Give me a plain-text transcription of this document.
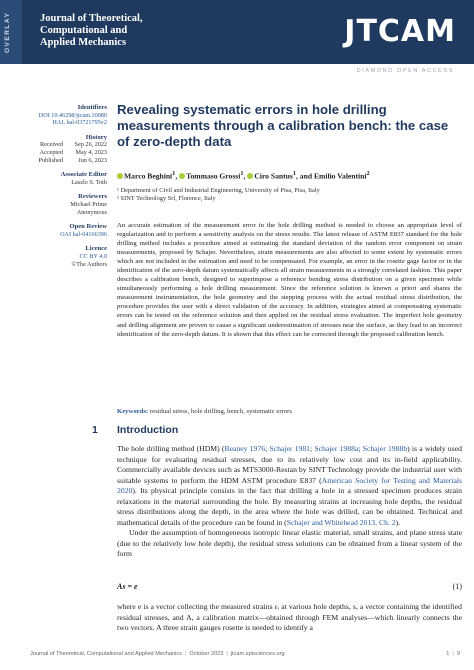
OVERLAY	Journal of Theoretical,
Computational and
Applied Mechanics	JTCAM
DIAMOND OPEN ACCESS
Identifiers
DOI 10.46298/jtcam.10080
HAL hal-03721795v2
History
Received	Sep 26, 2022
Accepted	May 4, 2023
Published	Jun 6, 2023
Associate Editor
Laszlo S. Toth
Reviewers
Michael Prime
Anonymous
Open Review
OAI hal-04166396
Licence
CC BY 4.0
©The Authors
Revealing systematic errors in hole drilling measurements through a calibration bench: the case of zero-depth data
Marco Beghini$^1$, Tommaso Grossi$^1$, Ciro Santus$^1$, and Emilio Valentini$^2$
¹ Department of Civil and Industrial Engineering, University of Pisa, Pisa, Italy
² SINT Technology Srl, Florence, Italy
An accurate estimation of the measurement error in the hole drilling method is needed to choose an appropriate level of regularization and to perform a sensitivity analysis on the stress results. The latest release of ASTM E837 standard for the hole drilling method includes a procedure aimed at estimating the standard deviation of the random error component on strain measurements, proposed by Schajer. Nevertheless, strain measurements are also affected to some extent by systematic errors which are not included in the estimation and need to be compensated. For example, an error in the rosette gage factor or in the identification of the zero-depth datum systematically affects all strain measurements in a strongly correlated fashion. This paper describes a calibration bench, designed to superimpose a reference bending stress distribution on a given specimen while simultaneously performing a hole drilling measurement. Since the reference solution is known a priori and shares the measurement instrumentation, the hole geometry and the stepping process with the actual residual stress distribution, the procedure provides the user with a direct validation of the accuracy. In addition, strategies aimed at compensating systematic errors can be tested on the reference solution and then applied on the residual stress evaluation. The imperfect hole geometry and drilling alignment are proven to cause a significant underestimation of stresses near the surface, as they lead to an incorrect identification of the zero-depth datum. It is shown that this effect can be corrected through the proposed calibration bench.
Keywords: residual stress, hole drilling, bench, systematic errors
1 Introduction

The hole drilling method (HDM) (Beaney 1976; Schajer 1981; Schajer 1988a; Schajer 1988b) is a widely used technique for evaluating residual stresses, due to its relatively low cost and its in-field applicability. Commercially available devices such as MTS3000-Restan by SINT Technology provide the industrial user with suitable systems to perform the HDM ASTM procedure E837 (American Society for Testing and Materials 2020). Its physical principle consists in the fact that drilling a hole in a stressed specimen produces strain relaxations in the material surrounding the hole. By measuring strains at increasing hole depths, the residual stress distributions along the depth, in the area where the hole was drilled, can be obtained. Technical and mathematical details of the procedure can be found in (Schajer and Whitehead 2013, Ch. 2).

Under the assumption of homogeneous isotropic linear elastic material, small strains, and plane stress state (due to the relatively low hole depth), the residual stress solutions can be obtained from a linear system of the form

As = e	(1)
where e is a vector collecting the measured strains εᵢ at various hole depths, s, a vector containing the identified residual stresses, and A, a calibration matrix—obtained through FEM analyses—which linearly connects the two vectors. A three strain gauges rosette is needed to identify a
Journal of Theoretical, Computational and Applied Mechanics | October 2023 | jtcam.episciences.org	1 | 9
